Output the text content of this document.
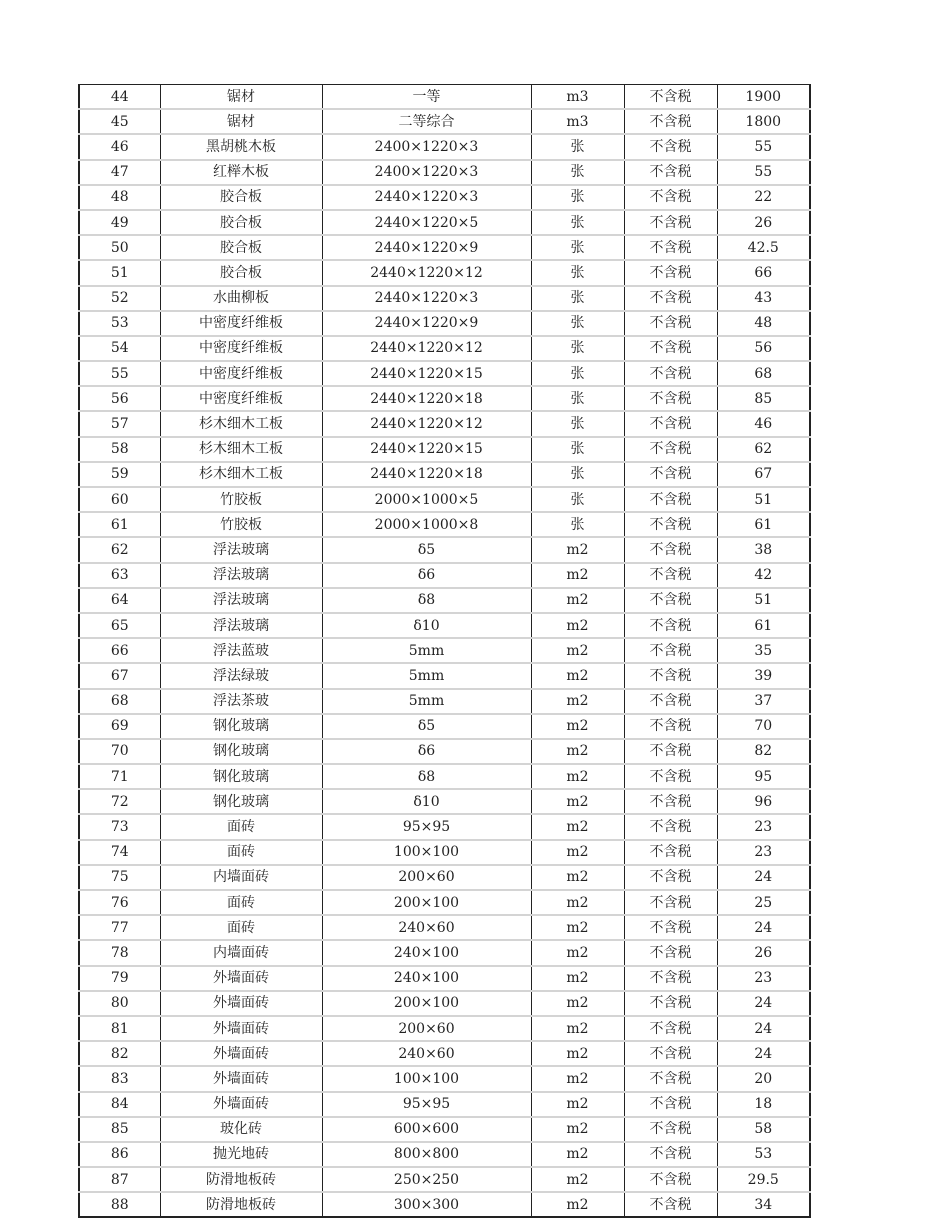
44	锯材	一等	m3	不含税	1900
45	锯材	二等综合	m3	不含税	1800
46	黑胡桃木板	2400×1220×3	张	不含税	55
47	红榉木板	2400×1220×3	张	不含税	55
48	胶合板	2440×1220×3	张	不含税	22
49	胶合板	2440×1220×5	张	不含税	26
50	胶合板	2440×1220×9	张	不含税	42.5
51	胶合板	2440×1220×12	张	不含税	66
52	水曲柳板	2440×1220×3	张	不含税	43
53	中密度纤维板	2440×1220×9	张	不含税	48
54	中密度纤维板	2440×1220×12	张	不含税	56
55	中密度纤维板	2440×1220×15	张	不含税	68
56	中密度纤维板	2440×1220×18	张	不含税	85
57	杉木细木工板	2440×1220×12	张	不含税	46
58	杉木细木工板	2440×1220×15	张	不含税	62
59	杉木细木工板	2440×1220×18	张	不含税	67
60	竹胶板	2000×1000×5	张	不含税	51
61	竹胶板	2000×1000×8	张	不含税	61
62	浮法玻璃	δ5	m2	不含税	38
63	浮法玻璃	δ6	m2	不含税	42
64	浮法玻璃	δ8	m2	不含税	51
65	浮法玻璃	δ10	m2	不含税	61
66	浮法蓝玻	5mm	m2	不含税	35
67	浮法绿玻	5mm	m2	不含税	39
68	浮法茶玻	5mm	m2	不含税	37
69	钢化玻璃	δ5	m2	不含税	70
70	钢化玻璃	δ6	m2	不含税	82
71	钢化玻璃	δ8	m2	不含税	95
72	钢化玻璃	δ10	m2	不含税	96
73	面砖	95×95	m2	不含税	23
74	面砖	100×100	m2	不含税	23
75	内墙面砖	200×60	m2	不含税	24
76	面砖	200×100	m2	不含税	25
77	面砖	240×60	m2	不含税	24
78	内墙面砖	240×100	m2	不含税	26
79	外墙面砖	240×100	m2	不含税	23
80	外墙面砖	200×100	m2	不含税	24
81	外墙面砖	200×60	m2	不含税	24
82	外墙面砖	240×60	m2	不含税	24
83	外墙面砖	100×100	m2	不含税	20
84	外墙面砖	95×95	m2	不含税	18
85	玻化砖	600×600	m2	不含税	58
86	抛光地砖	800×800	m2	不含税	53
87	防滑地板砖	250×250	m2	不含税	29.5
88	防滑地板砖	300×300	m2	不含税	34
